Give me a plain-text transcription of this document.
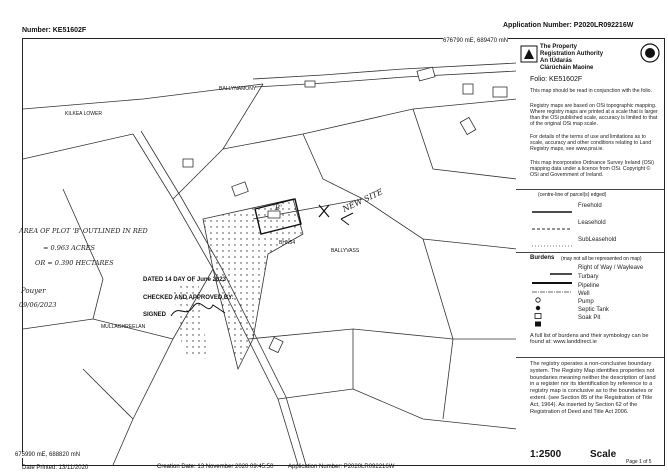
Number: KE51602F
Application Number: P2020LR092216W
676790 mE, 689470 mN
BALLYNAMONY
KILKEA LOWER
BALLYVASS
MULLAGHREELAN
BHN54
'B'	NEW SITE
AREA OF PLOT 'B' OUTLINED IN RED
= 0.963 ACRES
OR = 0.390 HECTARES
Pouyer
09/06/2023
DATED 14 DAY OF June 2023
CHECKED AND APPROVED BY:
SIGNED
675990 mE, 688820 mN
The Property
Registration Authority
An tÚdarás
Clárúcháin Maoine
Folio: KE51602F
This map should be read in conjunction with the folio.
Registry maps are based on OSi topographic mapping. Where registry maps are printed at a scale that is larger than the OSi published scale, accuracy is limited to that of the original OSi map scale.
For details of the terms of use and limitations as to scale, accuracy and other conditions relating to Land Registry maps, see www.prai.ie.
This map incorporates Ordnance Survey Ireland (OSi) mapping data under a licence from OSi. Copyright © OSi and Government of Ireland.
(centre-line of parcel(s) edged)
Freehold
Leasehold
SubLeasehold
Burdens (may not all be represented on map)
Right of Way / Wayleave
Turbary
Pipeline
Well
Pump
Septic Tank
Soak Pit
A full list of burdens and their symbology can be found at: www.landdirect.ie
The registry operates a non-conclusive boundary system. The Registry Map identifies properties not boundaries meaning neither the description of land in a register nor its identification by reference to a registry map is conclusive as to the boundaries or extent. (see Section 85 of the Registration of Title Act, 1964). As inserted by Section 62 of the Registration of Deed and Title Act 2006.
1:2500	Scale
Page 1 of 5
Date Printed: 13/11/2020	Creation Date: 13 November 2020 09:45:50 Application Number: P2020LR092216W
